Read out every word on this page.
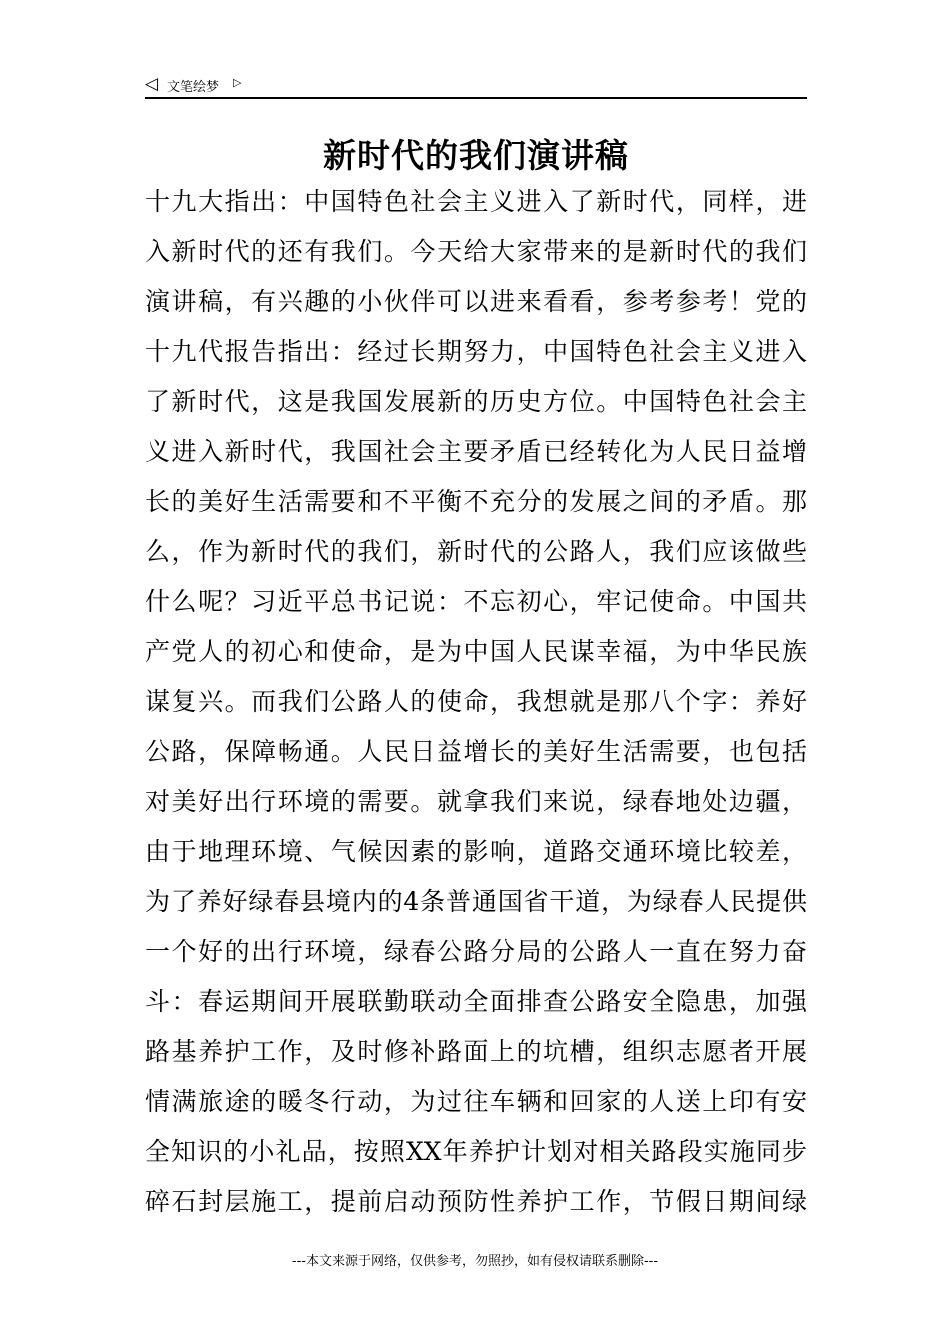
◁ 文笔绘梦 ▷
新时代的我们演讲稿
十九大指出：中国特色社会主义进入了新时代，同样，进
入新时代的还有我们。今天给大家带来的是新时代的我们
演讲稿，有兴趣的小伙伴可以进来看看，参考参考！党的
十九代报告指出：经过长期努力，中国特色社会主义进入
了新时代，这是我国发展新的历史方位。中国特色社会主
义进入新时代，我国社会主要矛盾已经转化为人民日益增
长的美好生活需要和不平衡不充分的发展之间的矛盾。那
么，作为新时代的我们，新时代的公路人，我们应该做些
什么呢？习近平总书记说：不忘初心，牢记使命。中国共
产党人的初心和使命，是为中国人民谋幸福，为中华民族
谋复兴。而我们公路人的使命，我想就是那八个字：养好
公路，保障畅通。人民日益增长的美好生活需要，也包括
对美好出行环境的需要。就拿我们来说，绿春地处边疆，
由于地理环境、气候因素的影响，道路交通环境比较差，
为了养好绿春县境内的4条普通国省干道，为绿春人民提供
一个好的出行环境，绿春公路分局的公路人一直在努力奋
斗：春运期间开展联勤联动全面排查公路安全隐患，加强
路基养护工作，及时修补路面上的坑槽，组织志愿者开展
情满旅途的暖冬行动，为过往车辆和回家的人送上印有安
全知识的小礼品，按照XX年养护计划对相关路段实施同步
碎石封层施工，提前启动预防性养护工作，节假日期间绿
---本文来源于网络，仅供参考，勿照抄，如有侵权请联系删除---
